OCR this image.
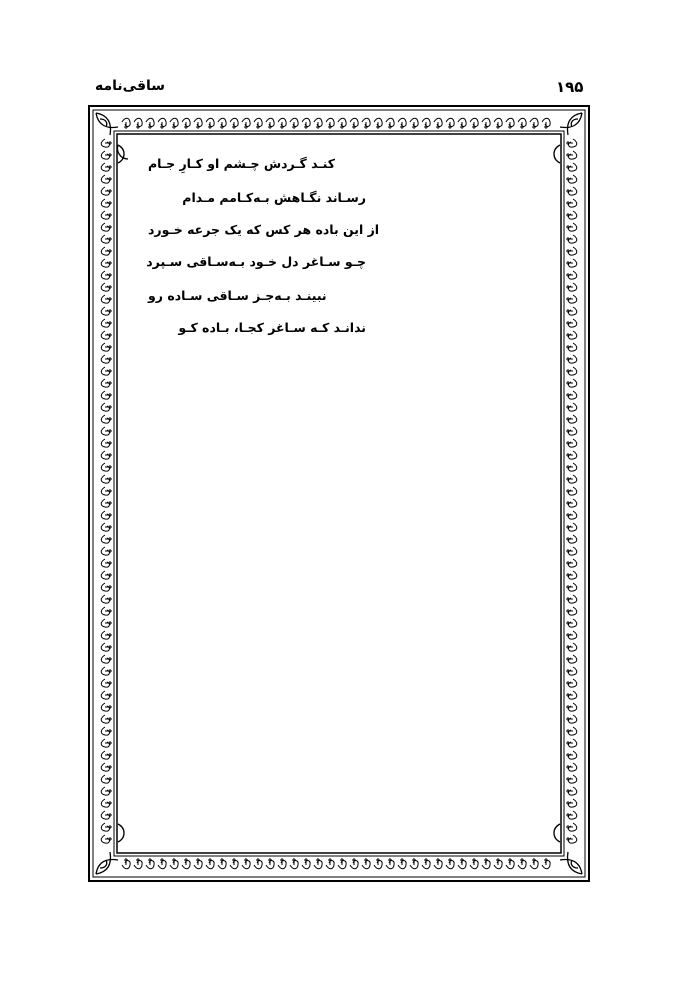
ساقی‌نامه	۱۹۵
کنـد گـردش چـشم او کـارِ جـام
رسـاند نگـاهش بـه‌کـامم مـدام
از این باده هر کس که یک جرعه خـورد
چـو سـاغر دل خـود بـه‌سـاقی سـپرد
نبینـد بـه‌جـز سـاقی سـاده رو
ندانـد کـه سـاغر کجـا، بـاده کـو
